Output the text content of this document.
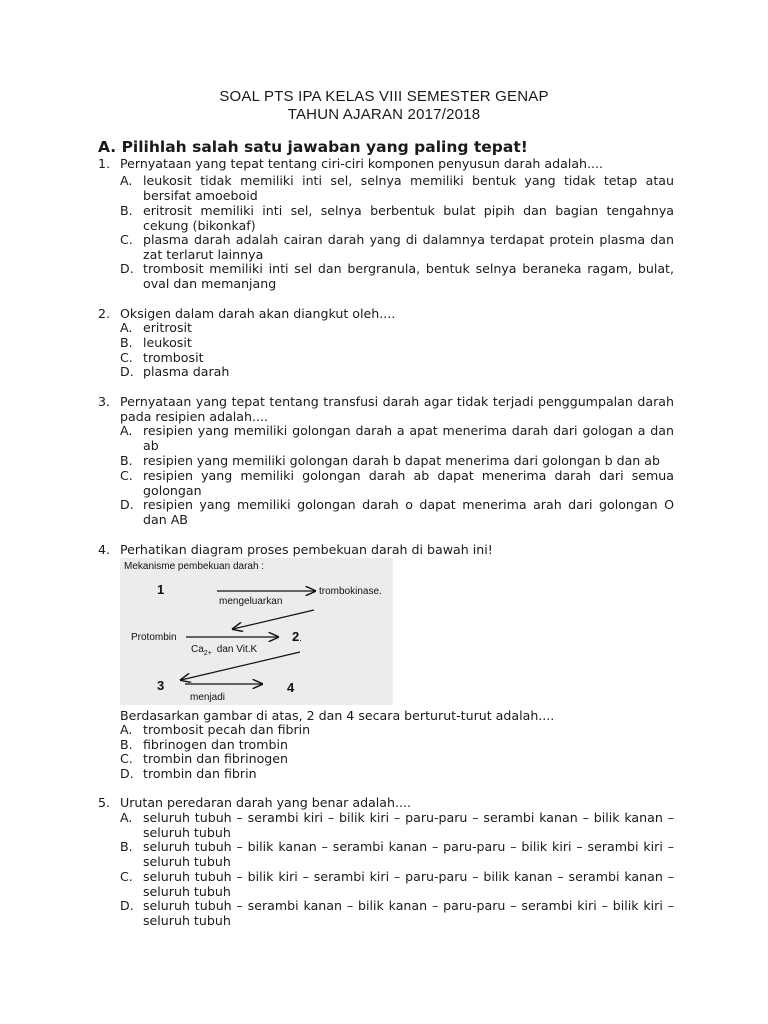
SOAL PTS IPA KELAS VIII SEMESTER GENAP
TAHUN AJARAN 2017/2018
A. Pilihlah salah satu jawaban yang paling tepat!

1. Pernyataan yang tepat tentang ciri-ciri komponen penyusun darah adalah....

A. leukosit tidak memiliki inti sel, selnya memiliki bentuk yang tidak tetap atau bersifat amoeboid

B. eritrosit memiliki inti sel, selnya berbentuk bulat pipih dan bagian tengahnya cekung (bikonkaf)

C. plasma darah adalah cairan darah yang di dalamnya terdapat protein plasma dan zat terlarut lainnya

D. trombosit memiliki inti sel dan bergranula, bentuk selnya beraneka ragam, bulat, oval dan memanjang

2. Oksigen dalam darah akan diangkut oleh....

A. eritrosit

B. leukosit

C. trombosit

D. plasma darah

3. Pernyataan yang tepat tentang transfusi darah agar tidak terjadi penggumpalan darah pada resipien adalah....

A. resipien yang memiliki golongan darah a apat menerima darah dari gologan a dan ab

B. resipien yang memiliki golongan darah b dapat menerima dari golongan b dan ab

C. resipien yang memiliki golongan darah ab dapat menerima darah dari semua golongan

D. resipien yang memiliki golongan darah o dapat menerima arah dari golongan O dan AB

4. Perhatikan diagram proses pembekuan darah di bawah ini!

Mekanisme pembekuan darah :
1	trombokinase.
mengeluarkan
Protombin	2.
$Ca_{2+}$ dan Vit.K
3	4
menjadi

Berdasarkan gambar di atas, 2 dan 4 secara berturut-turut adalah....

A. trombosit pecah dan fibrin

B. fibrinogen dan trombin

C. trombin dan fibrinogen

D. trombin dan fibrin

5. Urutan peredaran darah yang benar adalah....

A. seluruh tubuh – serambi kiri – bilik kiri – paru-paru – serambi kanan – bilik kanan – seluruh tubuh

B. seluruh tubuh – bilik kanan – serambi kanan – paru-paru – bilik kiri – serambi kiri – seluruh tubuh

C. seluruh tubuh – bilik kiri – serambi kiri – paru-paru – bilik kanan – serambi kanan – seluruh tubuh

D. seluruh tubuh – serambi kanan – bilik kanan – paru-paru – serambi kiri – bilik kiri – seluruh tubuh
